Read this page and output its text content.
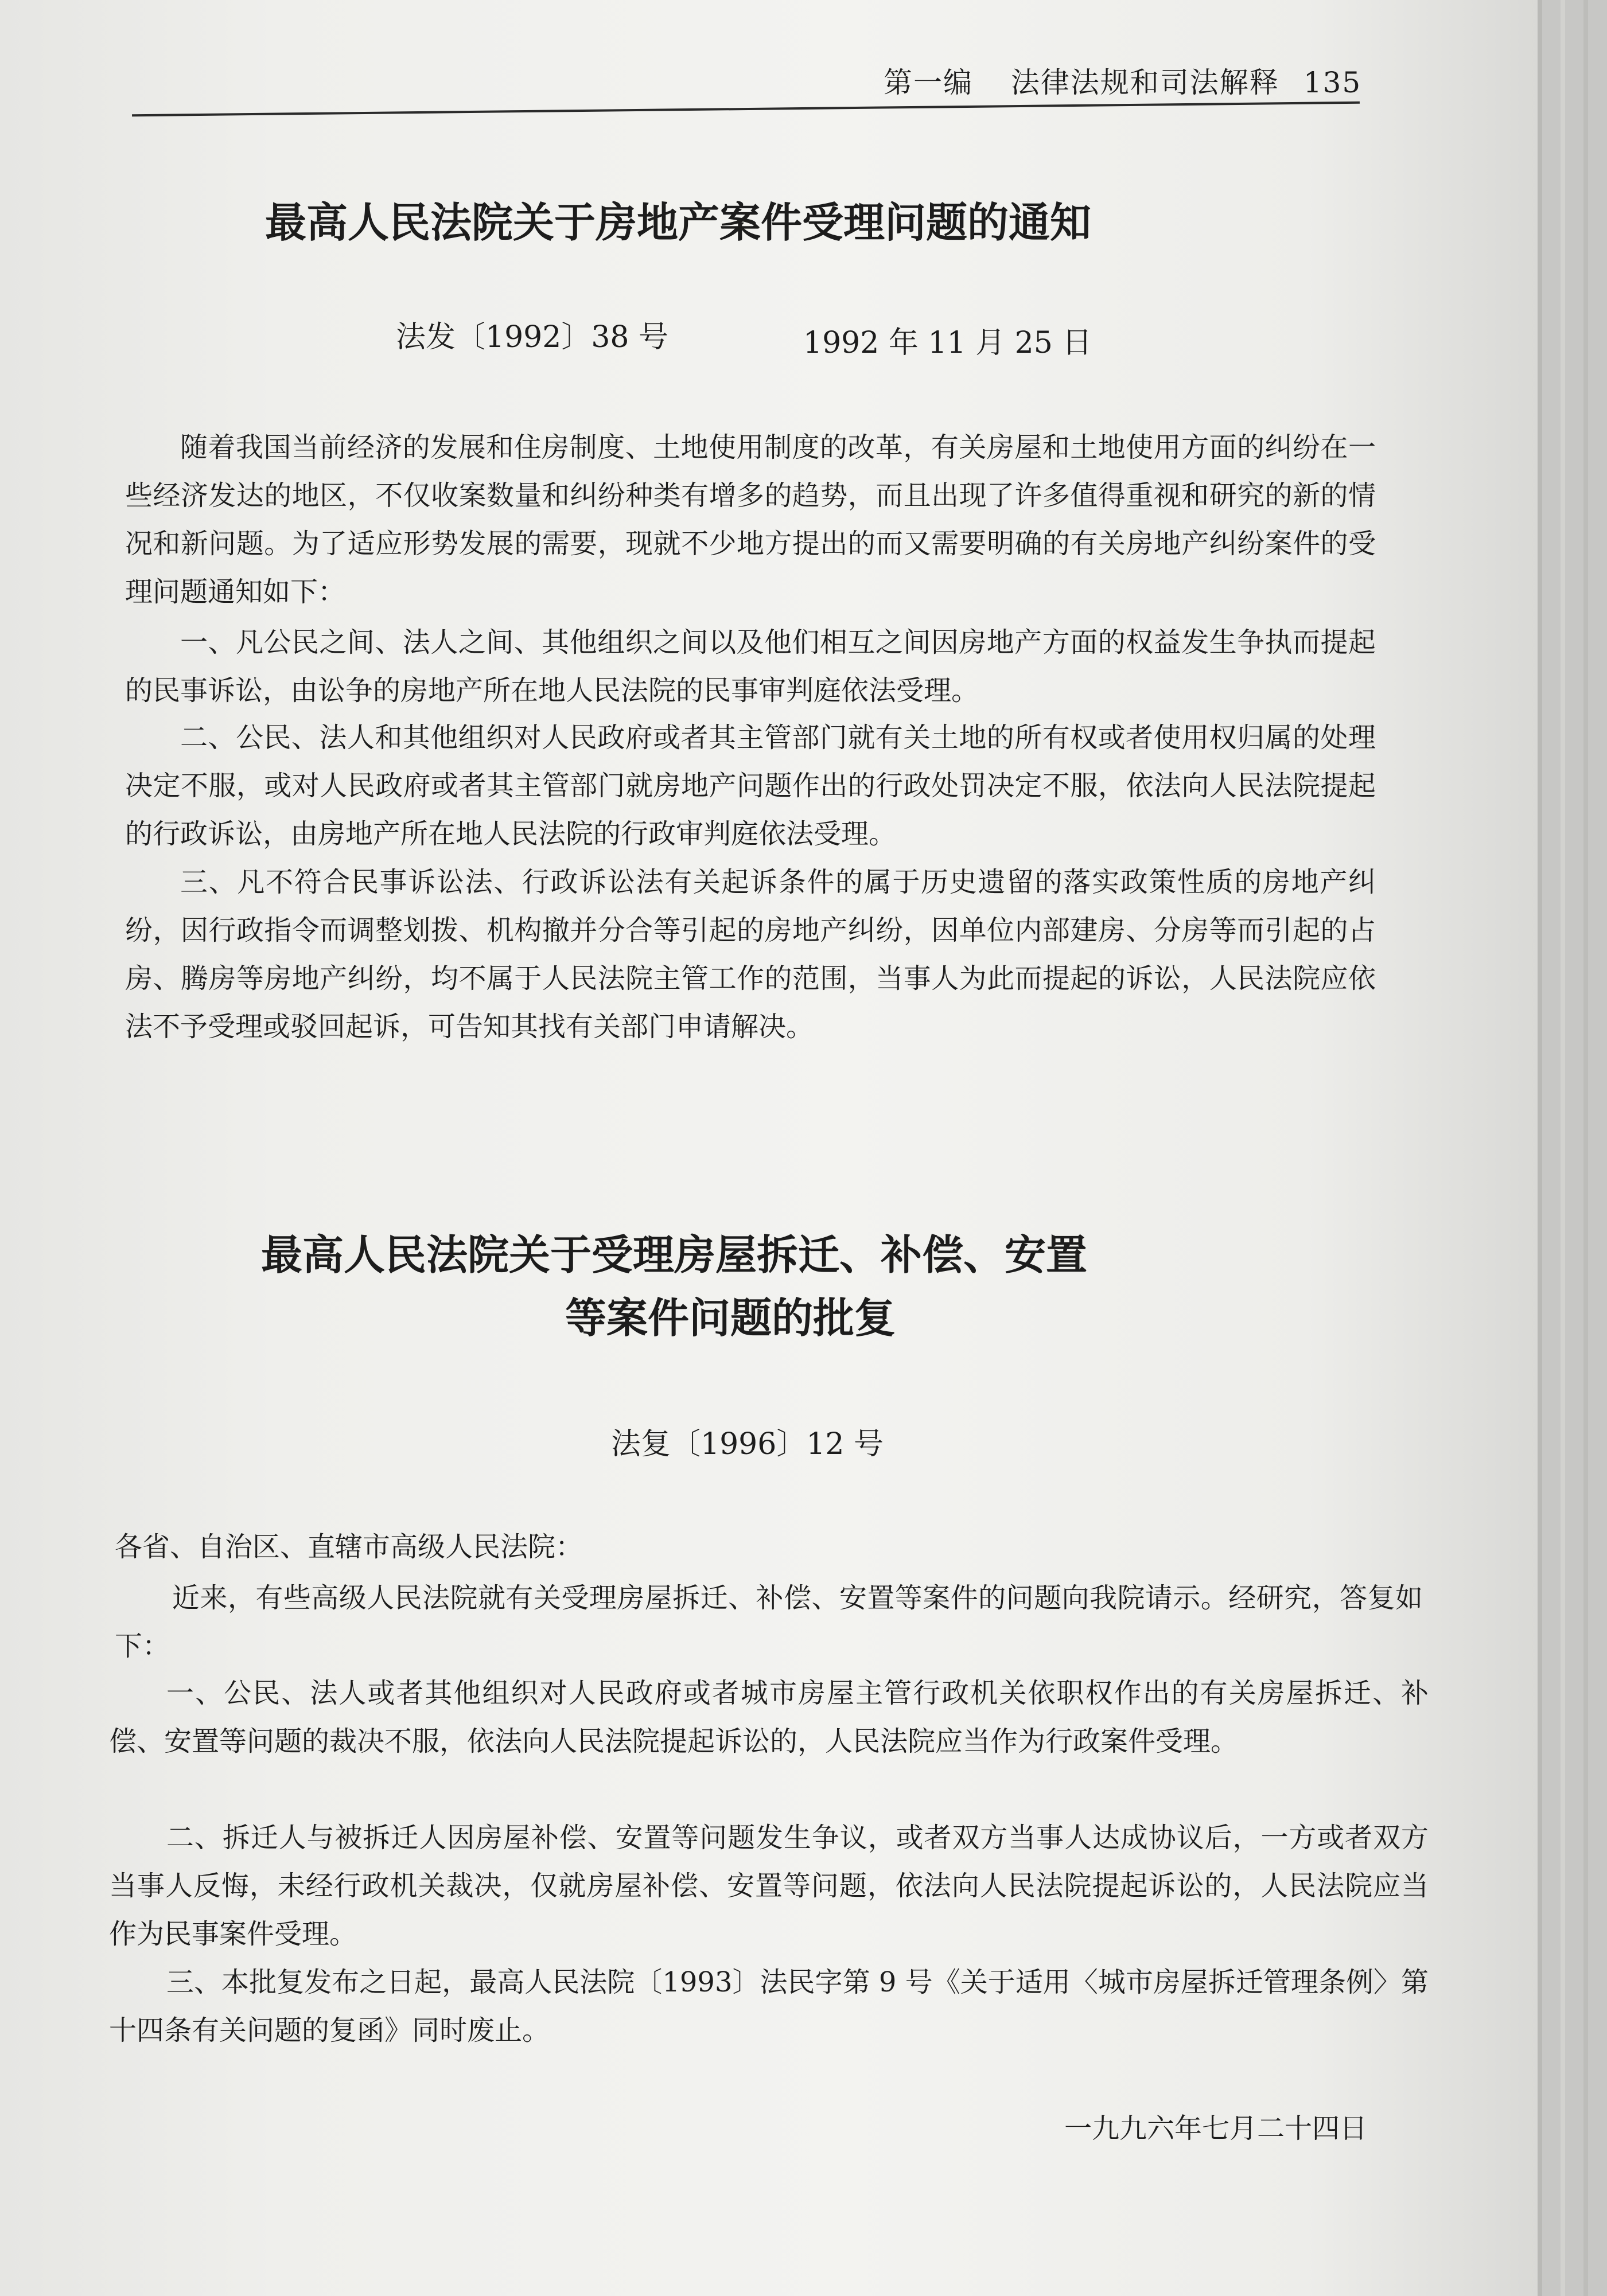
第一编 法律法规和司法解释 135
最高人民法院关于房地产案件受理问题的通知
法发〔1992〕38 号	1992 年 11 月 25 日
随着我国当前经济的发展和住房制度、土地使用制度的改革，有关房屋和土地使用方面的纠纷在一些经济发达的地区，不仅收案数量和纠纷种类有增多的趋势，而且出现了许多值得重视和研究的新的情况和新问题。为了适应形势发展的需要，现就不少地方提出的而又需要明确的有关房地产纠纷案件的受理问题通知如下：
一、凡公民之间、法人之间、其他组织之间以及他们相互之间因房地产方面的权益发生争执而提起的民事诉讼，由讼争的房地产所在地人民法院的民事审判庭依法受理。
二、公民、法人和其他组织对人民政府或者其主管部门就有关土地的所有权或者使用权归属的处理决定不服，或对人民政府或者其主管部门就房地产问题作出的行政处罚决定不服，依法向人民法院提起的行政诉讼，由房地产所在地人民法院的行政审判庭依法受理。
三、凡不符合民事诉讼法、行政诉讼法有关起诉条件的属于历史遗留的落实政策性质的房地产纠纷，因行政指令而调整划拨、机构撤并分合等引起的房地产纠纷，因单位内部建房、分房等而引起的占房、腾房等房地产纠纷，均不属于人民法院主管工作的范围，当事人为此而提起的诉讼，人民法院应依法不予受理或驳回起诉，可告知其找有关部门申请解决。
最高人民法院关于受理房屋拆迁、补偿、安置
等案件问题的批复
法复〔1996〕12 号
各省、自治区、直辖市高级人民法院：
近来，有些高级人民法院就有关受理房屋拆迁、补偿、安置等案件的问题向我院请示。经研究，答复如下：
一、公民、法人或者其他组织对人民政府或者城市房屋主管行政机关依职权作出的有关房屋拆迁、补偿、安置等问题的裁决不服，依法向人民法院提起诉讼的，人民法院应当作为行政案件受理。
二、拆迁人与被拆迁人因房屋补偿、安置等问题发生争议，或者双方当事人达成协议后，一方或者双方当事人反悔，未经行政机关裁决，仅就房屋补偿、安置等问题，依法向人民法院提起诉讼的，人民法院应当作为民事案件受理。
三、本批复发布之日起，最高人民法院〔1993〕法民字第 9 号《关于适用〈城市房屋拆迁管理条例〉第十四条有关问题的复函》同时废止。
一九九六年七月二十四日
